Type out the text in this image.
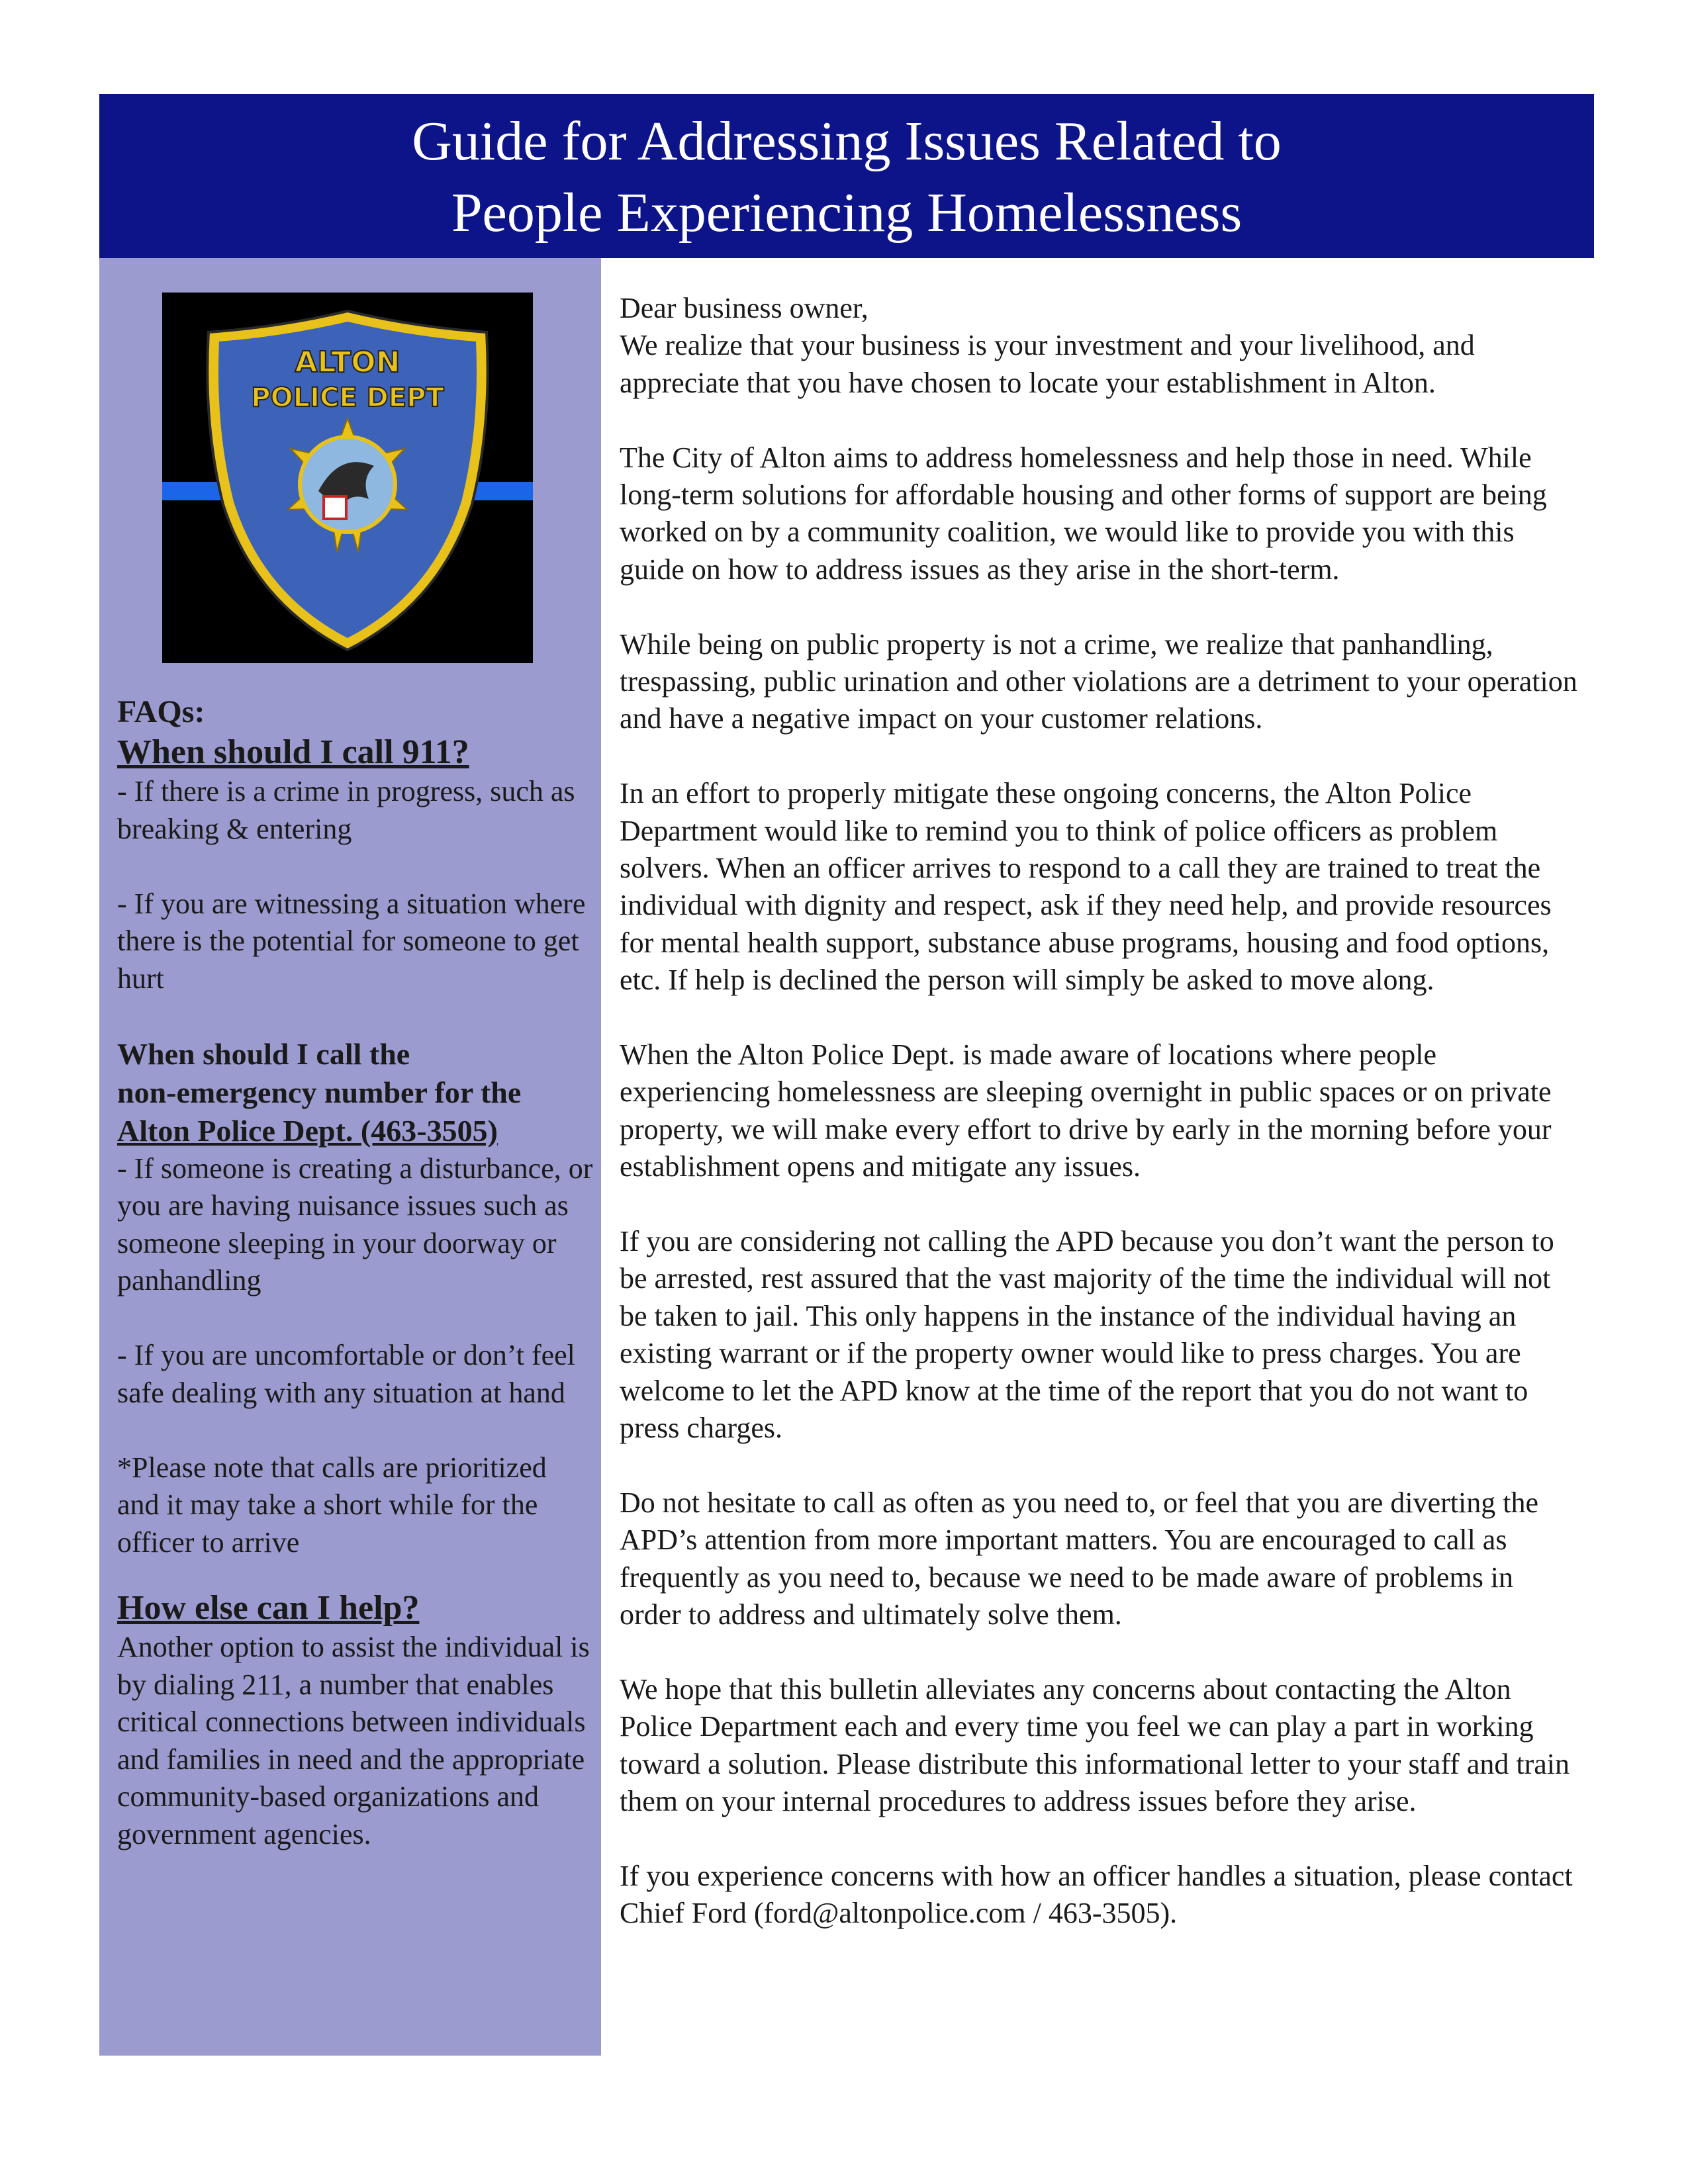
Guide for Addressing Issues Related to
People Experiencing Homelessness
ALTON
POLICE DEPT

FAQs:

When should I call 911?

- If there is a crime in progress, such as breaking & entering

- If you are witnessing a situation where there is the potential for someone to get hurt

When should I call the

non-emergency number for the

Alton Police Dept. (463-3505)

- If someone is creating a disturbance, or you are having nuisance issues such as someone sleeping in your doorway or panhandling

- If you are uncomfortable or don’t feel safe dealing with any situation at hand

*Please note that calls are prioritized and it may take a short while for the officer to arrive

How else can I help?

Another option to assist the individual is by dialing 211, a number that enables critical connections between individuals and families in need and the appropriate community-based organizations and government agencies.

Dear business owner,
We realize that your business is your investment and your livelihood, and appreciate that you have chosen to locate your establishment in Alton.

The City of Alton aims to address homelessness and help those in need. While long-term solutions for affordable housing and other forms of support are being worked on by a community coalition, we would like to provide you with this guide on how to address issues as they arise in the short-term.

While being on public property is not a crime, we realize that panhandling, trespassing, public urination and other violations are a detriment to your operation and have a negative impact on your customer relations.

In an effort to properly mitigate these ongoing concerns, the Alton Police Department would like to remind you to think of police officers as problem solvers. When an officer arrives to respond to a call they are trained to treat the individual with dignity and respect, ask if they need help, and provide resources for mental health support, substance abuse programs, housing and food options, etc. If help is declined the person will simply be asked to move along.

When the Alton Police Dept. is made aware of locations where people experiencing homelessness are sleeping overnight in public spaces or on private property, we will make every effort to drive by early in the morning before your establishment opens and mitigate any issues.

If you are considering not calling the APD because you don’t want the person to be arrested, rest assured that the vast majority of the time the individual will not be taken to jail. This only happens in the instance of the individual having an existing warrant or if the property owner would like to press charges. You are welcome to let the APD know at the time of the report that you do not want to press charges.

Do not hesitate to call as often as you need to, or feel that you are diverting the APD’s attention from more important matters. You are encouraged to call as frequently as you need to, because we need to be made aware of problems in order to address and ultimately solve them.

We hope that this bulletin alleviates any concerns about contacting the Alton Police Department each and every time you feel we can play a part in working toward a solution. Please distribute this informational letter to your staff and train them on your internal procedures to address issues before they arise.

If you experience concerns with how an officer handles a situation, please contact Chief Ford (ford@altonpolice.com / 463-3505).
